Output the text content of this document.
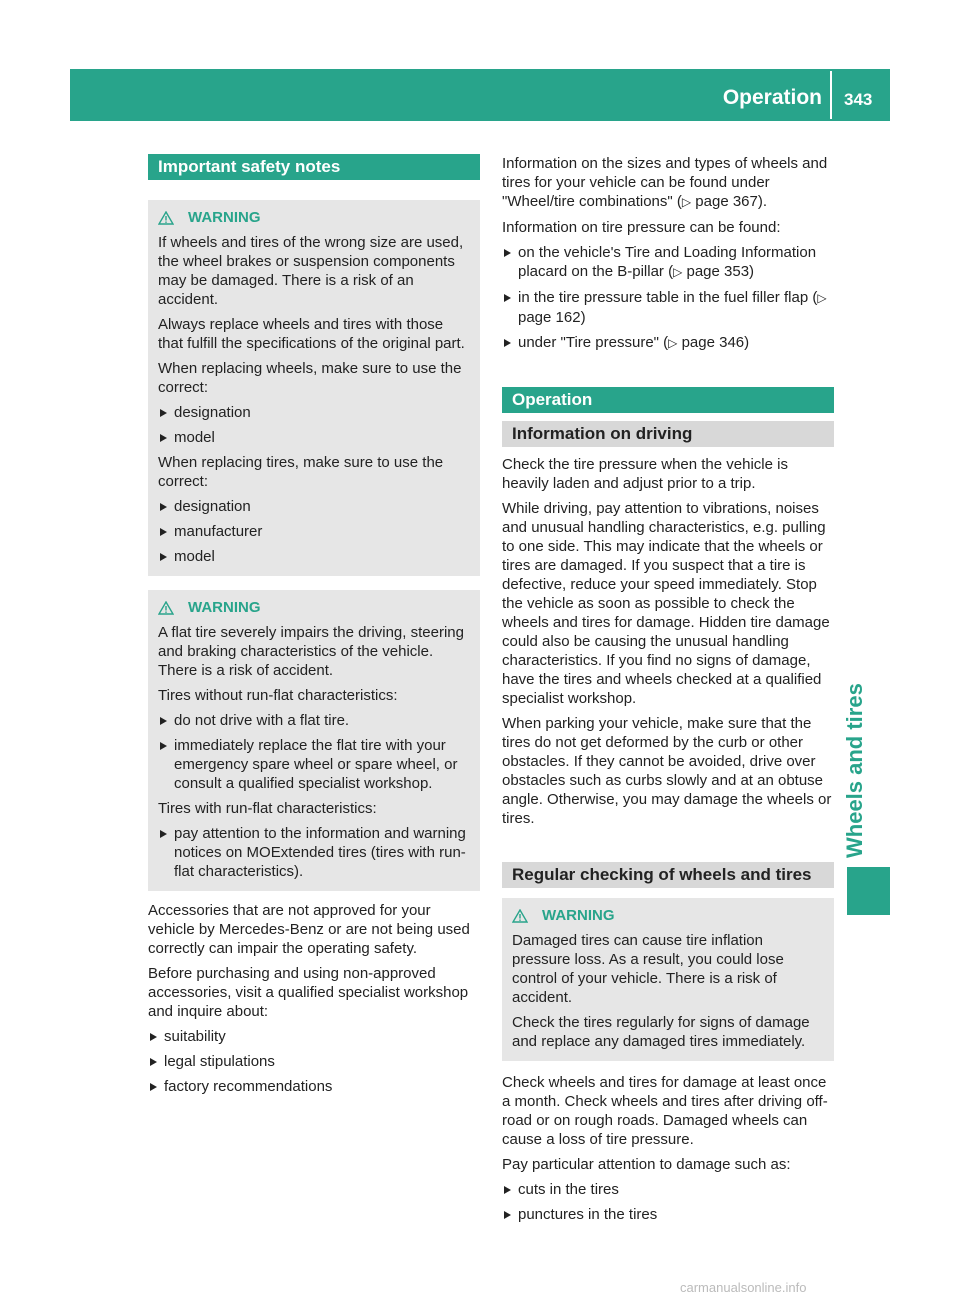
Operation 343
Wheels and tires
Important safety notes
WARNING

If wheels and tires of the wrong size are used, the wheel brakes or suspension components may be damaged. There is a risk of an accident.

Always replace wheels and tires with those that fulfill the specifications of the original part.

When replacing wheels, make sure to use the correct:

designation
model

When replacing tires, make sure to use the correct:

designation
manufacturer
model
WARNING

A flat tire severely impairs the driving, steering and braking characteristics of the vehicle. There is a risk of accident.

Tires without run-flat characteristics:

do not drive with a flat tire.
immediately replace the flat tire with your emergency spare wheel or spare wheel, or consult a qualified specialist workshop.

Tires with run-flat characteristics:

pay attention to the information and warning notices on MOExtended tires (tires with run-flat characteristics).

Accessories that are not approved for your vehicle by Mercedes-Benz or are not being used correctly can impair the operating safety.

Before purchasing and using non-approved accessories, visit a qualified specialist workshop and inquire about:

suitability
legal stipulations
factory recommendations

Information on the sizes and types of wheels and tires for your vehicle can be found under "Wheel/tire combinations" (▷ page 367).

Information on tire pressure can be found:

on the vehicle's Tire and Loading Information placard on the B-pillar (▷ page 353)
in the tire pressure table in the fuel filler flap (▷ page 162)
under "Tire pressure" (▷ page 346)
Operation
Information on driving

Check the tire pressure when the vehicle is heavily laden and adjust prior to a trip.

While driving, pay attention to vibrations, noises and unusual handling characteristics, e.g. pulling to one side. This may indicate that the wheels or tires are damaged. If you suspect that a tire is defective, reduce your speed immediately. Stop the vehicle as soon as possible to check the wheels and tires for damage. Hidden tire damage could also be causing the unusual handling characteristics. If you find no signs of damage, have the tires and wheels checked at a qualified specialist workshop.

When parking your vehicle, make sure that the tires do not get deformed by the curb or other obstacles. If they cannot be avoided, drive over obstacles such as curbs slowly and at an obtuse angle. Otherwise, you may damage the wheels or tires.

Regular checking of wheels and tires
WARNING

Damaged tires can cause tire inflation pressure loss. As a result, you could lose control of your vehicle. There is a risk of accident.

Check the tires regularly for signs of damage and replace any damaged tires immediately.

Check wheels and tires for damage at least once a month. Check wheels and tires after driving off-road or on rough roads. Damaged wheels can cause a loss of tire pressure.

Pay particular attention to damage such as:

cuts in the tires
punctures in the tires
carmanualsonline.info
